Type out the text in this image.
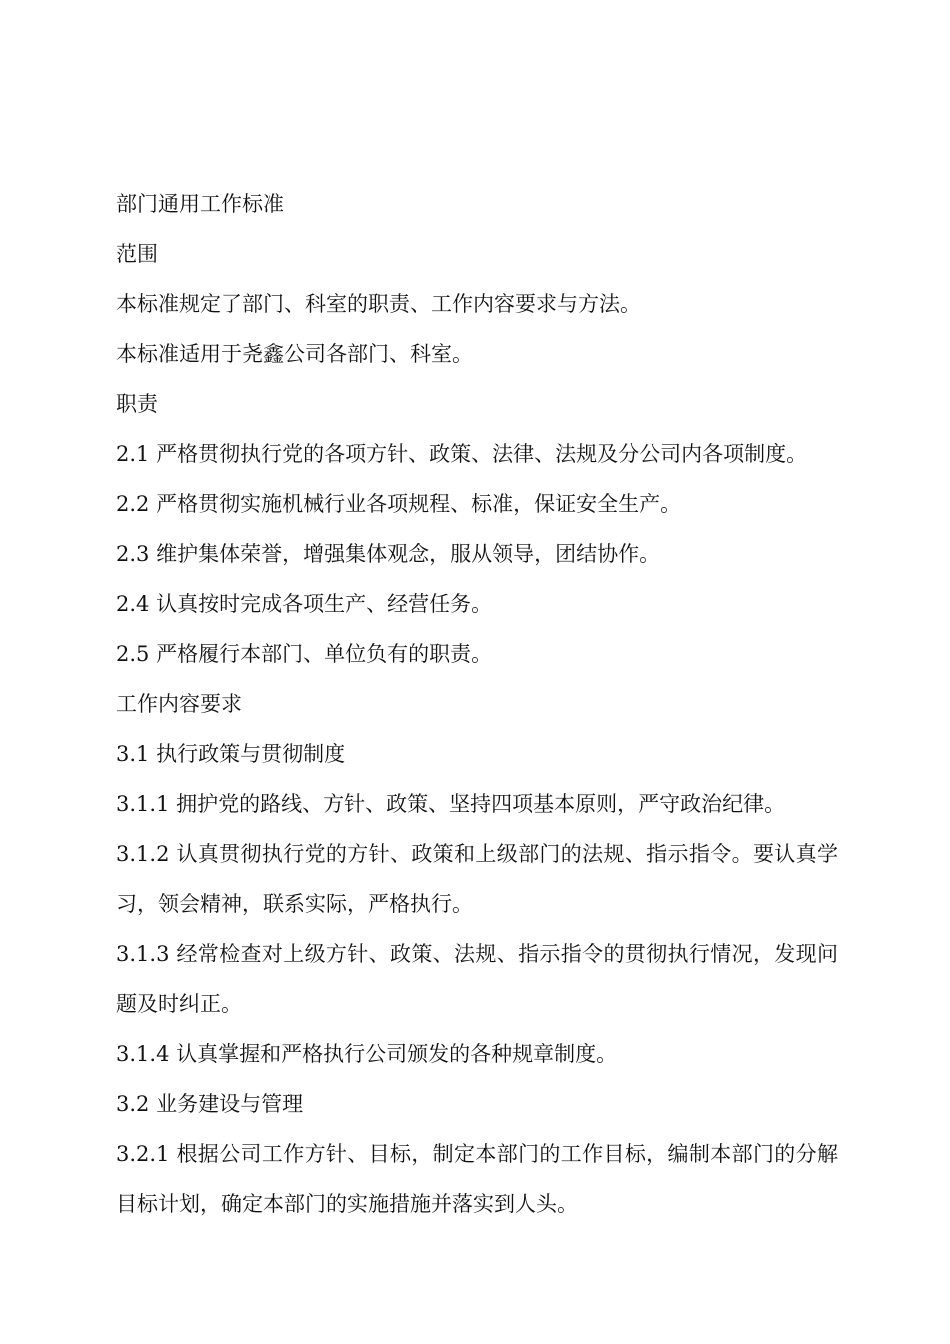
部门通用工作标准

范围

本标准规定了部门、科室的职责、工作内容要求与方法。

本标准适用于尧鑫公司各部门、科室。

职责

2.1 严格贯彻执行党的各项方针、政策、法律、法规及分公司内各项制度。

2.2 严格贯彻实施机械行业各项规程、标准，保证安全生产。

2.3 维护集体荣誉，增强集体观念，服从领导，团结协作。

2.4 认真按时完成各项生产、经营任务。

2.5 严格履行本部门、单位负有的职责。

工作内容要求

3.1 执行政策与贯彻制度

3.1.1 拥护党的路线、方针、政策、坚持四项基本原则，严守政治纪律。

3.1.2 认真贯彻执行党的方针、政策和上级部门的法规、指示指令。要认真学习，领会精神，联系实际，严格执行。

3.1.3 经常检查对上级方针、政策、法规、指示指令的贯彻执行情况，发现问题及时纠正。

3.1.4 认真掌握和严格执行公司颁发的各种规章制度。

3.2 业务建设与管理

3.2.1 根据公司工作方针、目标，制定本部门的工作目标，编制本部门的分解目标计划，确定本部门的实施措施并落实到人头。
